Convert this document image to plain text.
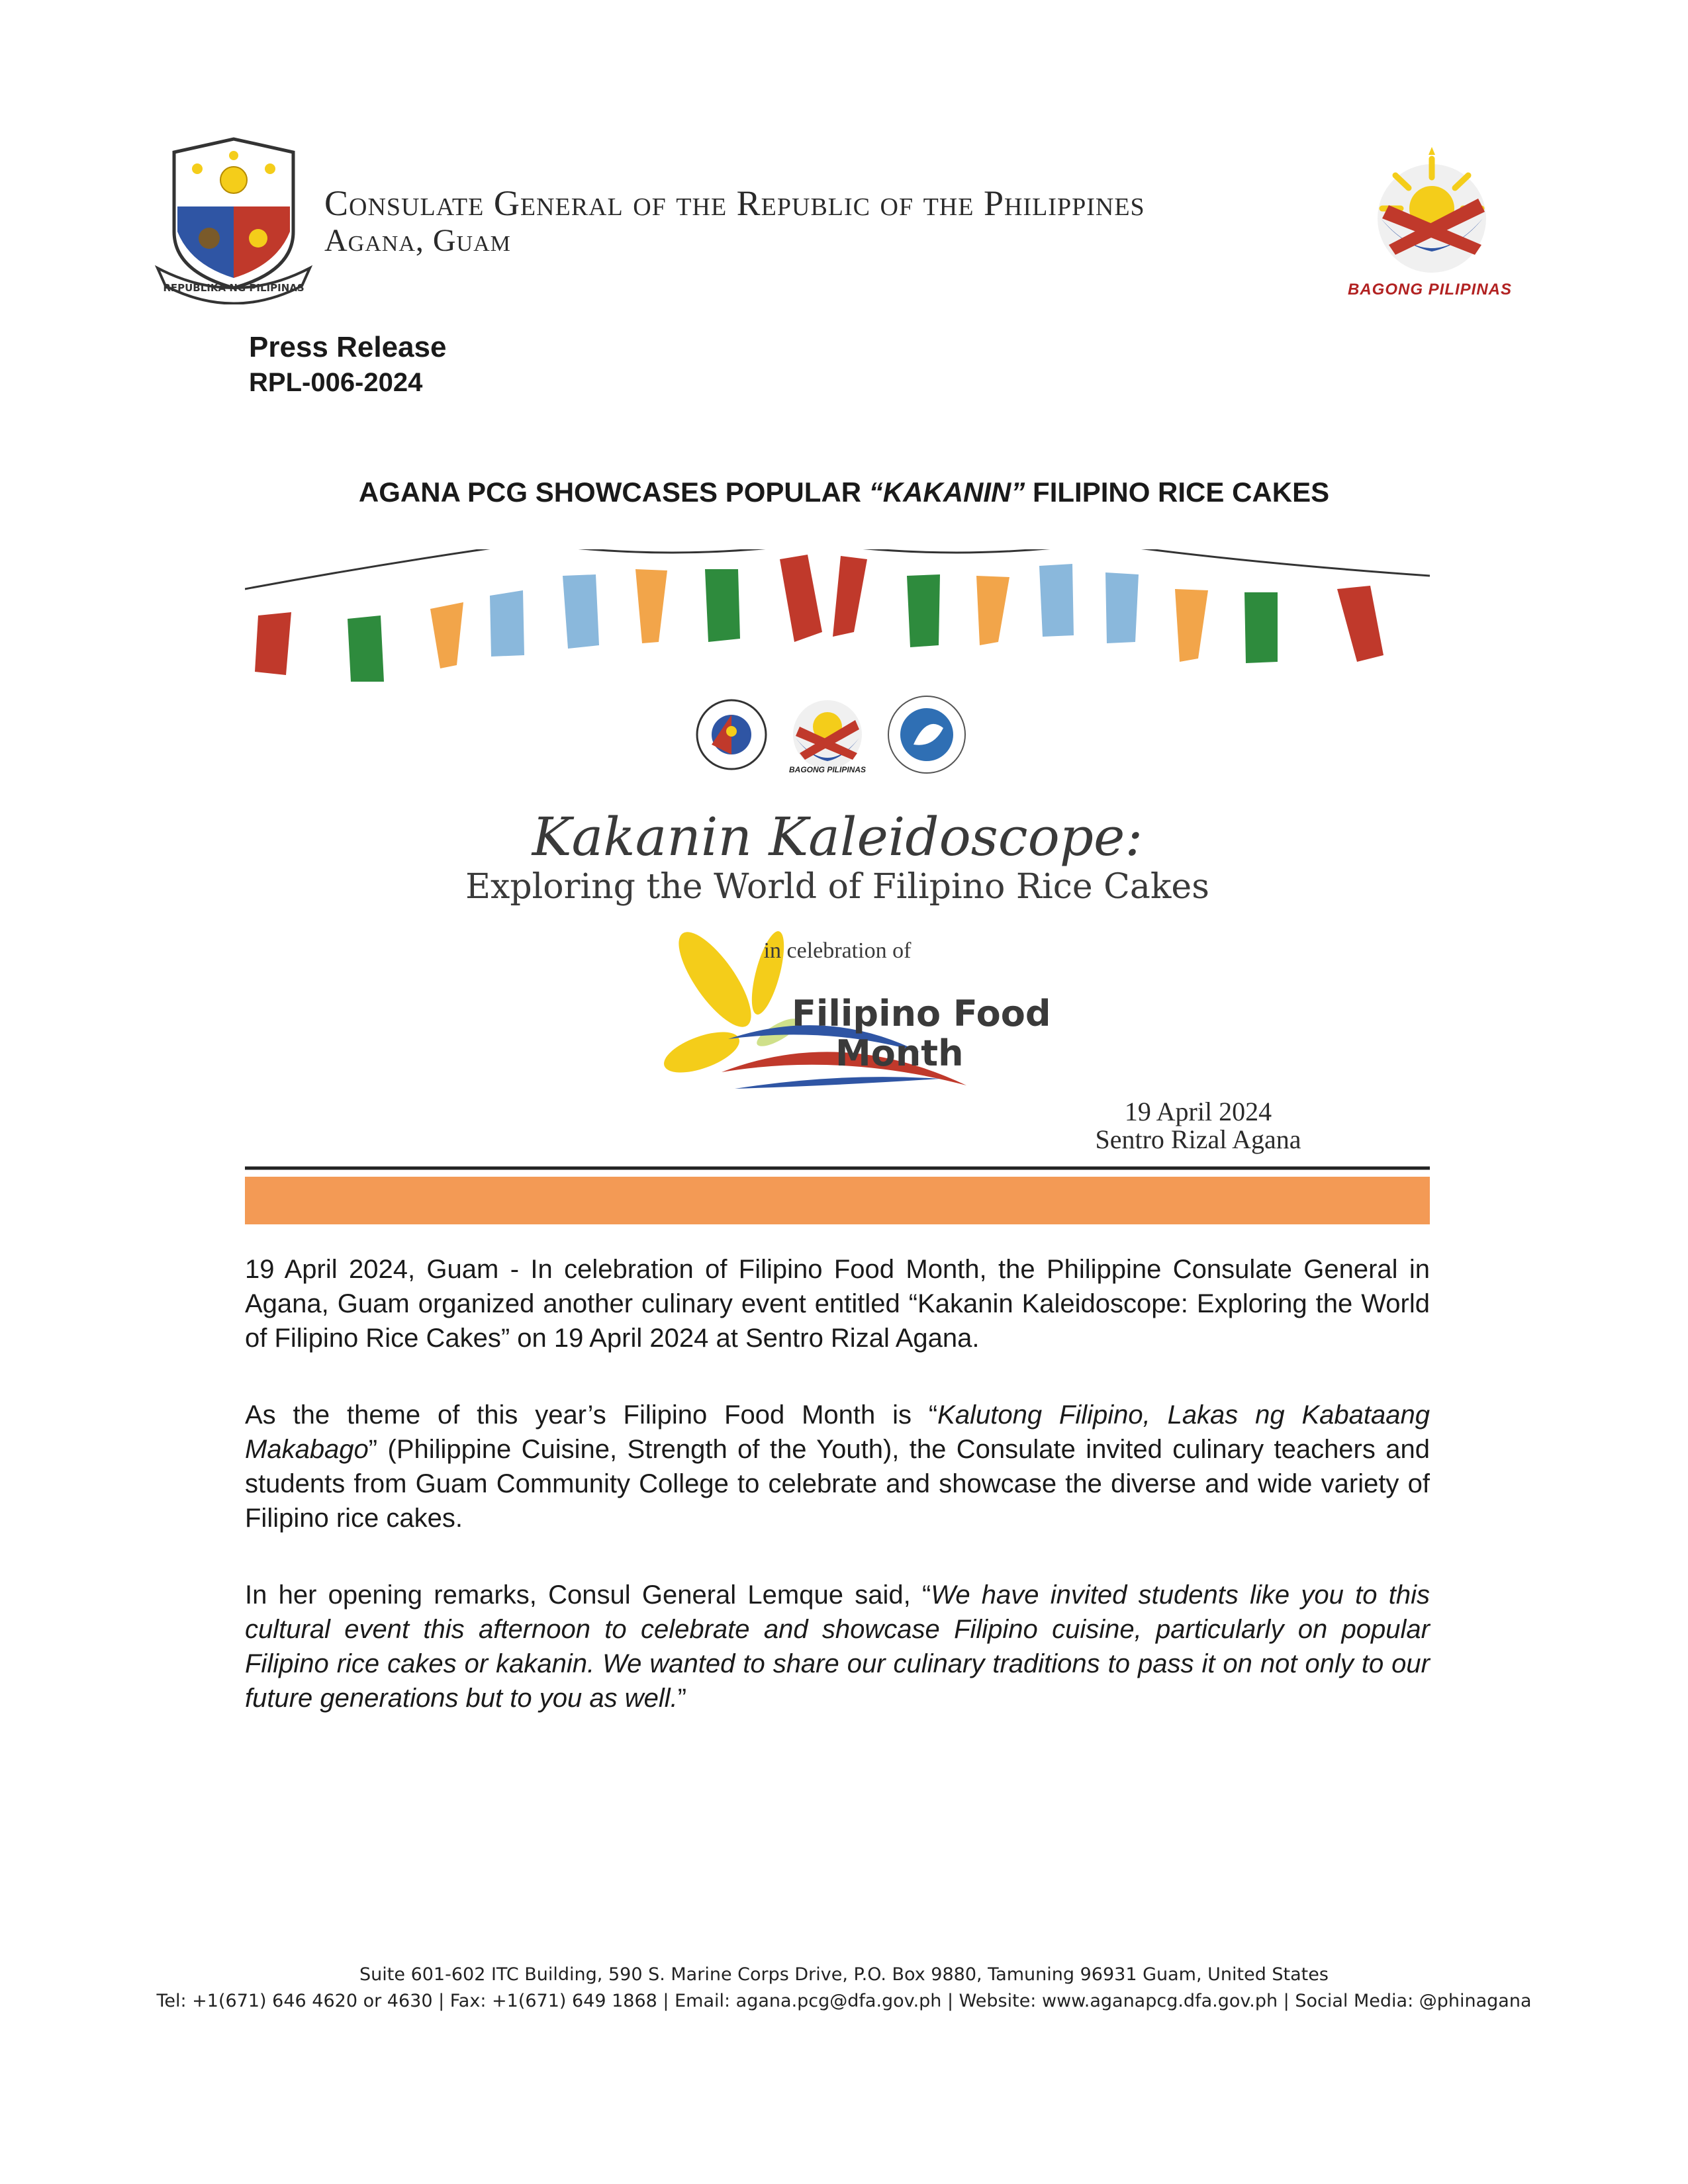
REPUBLIKA NG PILIPINAS
Consulate General of the Republic of the Philippines
Agana, Guam
BAGONG PILIPINAS
Press Release
RPL-006-2024
AGANA PCG SHOWCASES POPULAR “KAKANIN” FILIPINO RICE CAKES
BAGONG PILIPINAS
Kakanin Kaleidoscope:
Exploring the World of Filipino Rice Cakes
in celebration of
Filipino Food
Month
19 April 2024
Sentro Rizal Agana
19 April 2024, Guam - In celebration of Filipino Food Month, the Philippine Consulate General in Agana, Guam organized another culinary event entitled “Kakanin Kaleidoscope: Exploring the World of Filipino Rice Cakes” on 19 April 2024 at Sentro Rizal Agana.
As the theme of this year’s Filipino Food Month is “Kalutong Filipino, Lakas ng Kabataang Makabago” (Philippine Cuisine, Strength of the Youth), the Consulate invited culinary teachers and students from Guam Community College to celebrate and showcase the diverse and wide variety of Filipino rice cakes.
In her opening remarks, Consul General Lemque said, “We have invited students like you to this cultural event this afternoon to celebrate and showcase Filipino cuisine, particularly on popular Filipino rice cakes or kakanin. We wanted to share our culinary traditions to pass it on not only to our future generations but to you as well.”
Suite 601-602 ITC Building, 590 S. Marine Corps Drive, P.O. Box 9880, Tamuning 96931 Guam, United States
Tel: +1(671) 646 4620 or 4630 | Fax: +1(671) 649 1868 | Email: agana.pcg@dfa.gov.ph | Website: www.aganapcg.dfa.gov.ph | Social Media: @phinagana
